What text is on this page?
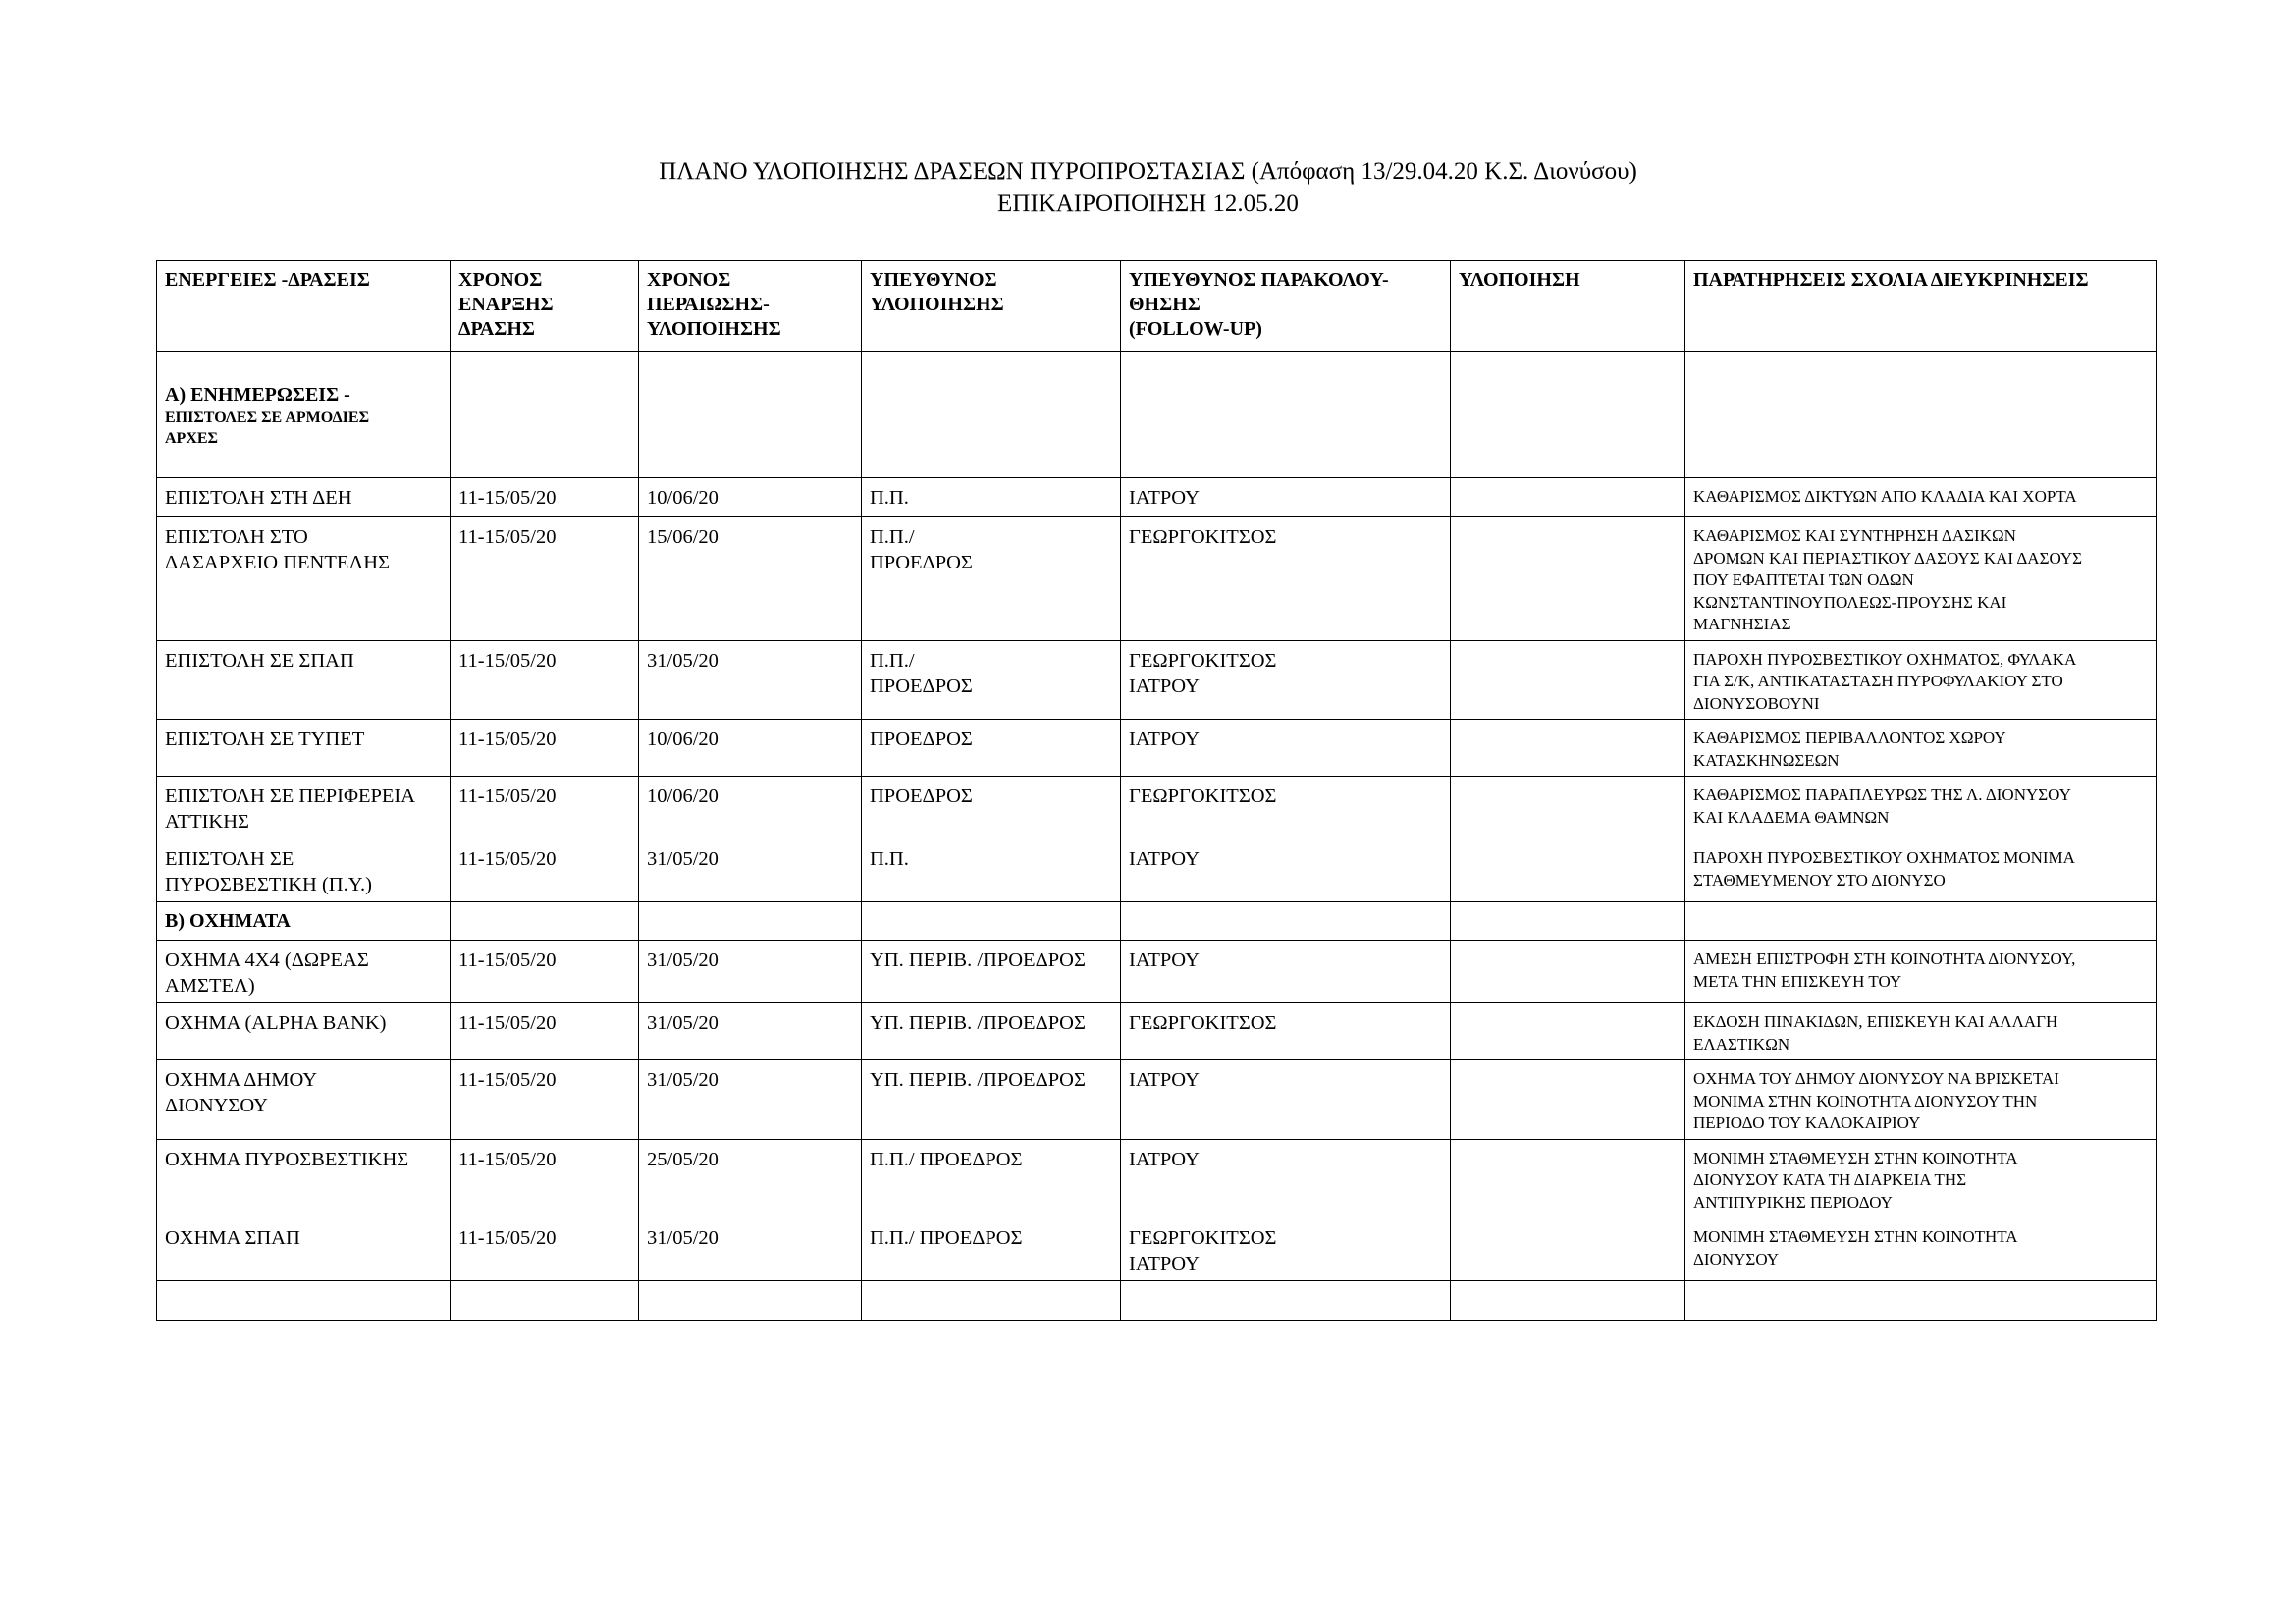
ΠΛΑΝΟ ΥΛΟΠΟΙΗΣΗΣ ΔΡΑΣΕΩΝ ΠΥΡΟΠΡΟΣΤΑΣΙΑΣ (Απόφαση 13/29.04.20 Κ.Σ. Διονύσου)
ΕΠΙΚΑΙΡΟΠΟΙΗΣΗ 12.05.20
ΕΝΕΡΓΕΙΕΣ -ΔΡΑΣΕΙΣ	ΧΡΟΝΟΣ
ΕΝΑΡΞΗΣ
ΔΡΑΣΗΣ	ΧΡΟΝΟΣ
ΠΕΡΑΙΩΣΗΣ-
ΥΛΟΠΟΙΗΣΗΣ	ΥΠΕΥΘΥΝΟΣ
ΥΛΟΠΟΙΗΣΗΣ	ΥΠΕΥΘΥΝΟΣ ΠΑΡΑΚΟΛΟΥ-
ΘΗΣΗΣ
(FOLLOW-UP)	ΥΛΟΠΟΙΗΣΗ	ΠΑΡΑΤΗΡΗΣΕΙΣ ΣΧΟΛΙΑ ΔΙΕΥΚΡΙΝΗΣΕΙΣ

Α) ΕΝΗΜΕΡΩΣΕΙΣ -

ΕΠΙΣΤΟΛΕΣ ΣΕ ΑΡΜΟΔΙΕΣ
ΑΡΧΕΣ						

ΕΠΙΣΤΟΛΗ ΣΤΗ ΔΕΗ	11-15/05/20	10/06/20	Π.Π.	ΙΑΤΡΟΥ		ΚΑΘΑΡΙΣΜΟΣ ΔΙΚΤΥΩΝ ΑΠΟ ΚΛΑΔΙΑ ΚΑΙ ΧΟΡΤΑ
ΕΠΙΣΤΟΛΗ ΣΤΟ
ΔΑΣΑΡΧΕΙΟ ΠΕΝΤΕΛΗΣ	11-15/05/20	15/06/20	Π.Π./
ΠΡΟΕΔΡΟΣ	ΓΕΩΡΓΟΚΙΤΣΟΣ		ΚΑΘΑΡΙΣΜΟΣ ΚΑΙ ΣΥΝΤΗΡΗΣΗ ΔΑΣΙΚΩΝ
ΔΡΟΜΩΝ ΚΑΙ ΠΕΡΙΑΣΤΙΚΟΥ ΔΑΣΟΥΣ ΚΑΙ ΔΑΣΟΥΣ
ΠΟΥ ΕΦΑΠΤΕΤΑΙ ΤΩΝ ΟΔΩΝ
ΚΩΝΣΤΑΝΤΙΝΟΥΠΟΛΕΩΣ-ΠΡΟΥΣΗΣ ΚΑΙ
ΜΑΓΝΗΣΙΑΣ
ΕΠΙΣΤΟΛΗ ΣΕ ΣΠΑΠ	11-15/05/20	31/05/20	Π.Π./
ΠΡΟΕΔΡΟΣ	ΓΕΩΡΓΟΚΙΤΣΟΣ
ΙΑΤΡΟΥ		ΠΑΡΟΧΗ ΠΥΡΟΣΒΕΣΤΙΚΟΥ ΟΧΗΜΑΤΟΣ, ΦΥΛΑΚΑ
ΓΙΑ Σ/Κ, ΑΝΤΙΚΑΤΑΣΤΑΣΗ ΠΥΡΟΦΥΛΑΚΙΟΥ ΣΤΟ
ΔΙΟΝΥΣΟΒΟΥΝΙ
ΕΠΙΣΤΟΛΗ ΣΕ ΤΥΠΕΤ	11-15/05/20	10/06/20	ΠΡΟΕΔΡΟΣ	ΙΑΤΡΟΥ		ΚΑΘΑΡΙΣΜΟΣ ΠΕΡΙΒΑΛΛΟΝΤΟΣ ΧΩΡΟΥ
ΚΑΤΑΣΚΗΝΩΣΕΩΝ
ΕΠΙΣΤΟΛΗ ΣΕ ΠΕΡΙΦΕΡΕΙΑ
ΑΤΤΙΚΗΣ	11-15/05/20	10/06/20	ΠΡΟΕΔΡΟΣ	ΓΕΩΡΓΟΚΙΤΣΟΣ		ΚΑΘΑΡΙΣΜΟΣ ΠΑΡΑΠΛΕΥΡΩΣ ΤΗΣ Λ. ΔΙΟΝΥΣΟΥ
ΚΑΙ ΚΛΑΔΕΜΑ ΘΑΜΝΩΝ
ΕΠΙΣΤΟΛΗ ΣΕ
ΠΥΡΟΣΒΕΣΤΙΚΗ (Π.Υ.)	11-15/05/20	31/05/20	Π.Π.	ΙΑΤΡΟΥ		ΠΑΡΟΧΗ ΠΥΡΟΣΒΕΣΤΙΚΟΥ ΟΧΗΜΑΤΟΣ ΜΟΝΙΜΑ
ΣΤΑΘΜΕΥΜΕΝΟΥ ΣΤΟ ΔΙΟΝΥΣΟ
Β) ΟΧΗΜΑΤΑ						
ΟΧΗΜΑ 4Χ4 (ΔΩΡΕΑΣ
ΑΜΣΤΕΛ)	11-15/05/20	31/05/20	ΥΠ. ΠΕΡΙΒ. /ΠΡΟΕΔΡΟΣ	ΙΑΤΡΟΥ		ΑΜΕΣΗ ΕΠΙΣΤΡΟΦΗ ΣΤΗ ΚΟΙΝΟΤΗΤΑ ΔΙΟΝΥΣΟΥ,
ΜΕΤΑ ΤΗΝ ΕΠΙΣΚΕΥΗ ΤΟΥ
ΟΧΗΜΑ (ALPHA BANK)	11-15/05/20	31/05/20	ΥΠ. ΠΕΡΙΒ. /ΠΡΟΕΔΡΟΣ	ΓΕΩΡΓΟΚΙΤΣΟΣ		ΕΚΔΟΣΗ ΠΙΝΑΚΙΔΩΝ, ΕΠΙΣΚΕΥΗ ΚΑΙ ΑΛΛΑΓΗ
ΕΛΑΣΤΙΚΩΝ
ΟΧΗΜΑ ΔΗΜΟΥ
ΔΙΟΝΥΣΟΥ	11-15/05/20	31/05/20	ΥΠ. ΠΕΡΙΒ. /ΠΡΟΕΔΡΟΣ	ΙΑΤΡΟΥ		ΟΧΗΜΑ ΤΟΥ ΔΗΜΟΥ ΔΙΟΝΥΣΟΥ ΝΑ ΒΡΙΣΚΕΤΑΙ
ΜΟΝΙΜΑ ΣΤΗΝ ΚΟΙΝΟΤΗΤΑ ΔΙΟΝΥΣΟΥ ΤΗΝ
ΠΕΡΙΟΔΟ ΤΟΥ ΚΑΛΟΚΑΙΡΙΟΥ
ΟΧΗΜΑ ΠΥΡΟΣΒΕΣΤΙΚΗΣ	11-15/05/20	25/05/20	Π.Π./ ΠΡΟΕΔΡΟΣ	ΙΑΤΡΟΥ		ΜΟΝΙΜΗ ΣΤΑΘΜΕΥΣΗ ΣΤΗΝ ΚΟΙΝΟΤΗΤΑ
ΔΙΟΝΥΣΟΥ ΚΑΤΑ ΤΗ ΔΙΑΡΚΕΙΑ ΤΗΣ
ΑΝΤΙΠΥΡΙΚΗΣ ΠΕΡΙΟΔΟΥ
ΟΧΗΜΑ ΣΠΑΠ	11-15/05/20	31/05/20	Π.Π./ ΠΡΟΕΔΡΟΣ	ΓΕΩΡΓΟΚΙΤΣΟΣ
ΙΑΤΡΟΥ		ΜΟΝΙΜΗ ΣΤΑΘΜΕΥΣΗ ΣΤΗΝ ΚΟΙΝΟΤΗΤΑ
ΔΙΟΝΥΣΟΥ
